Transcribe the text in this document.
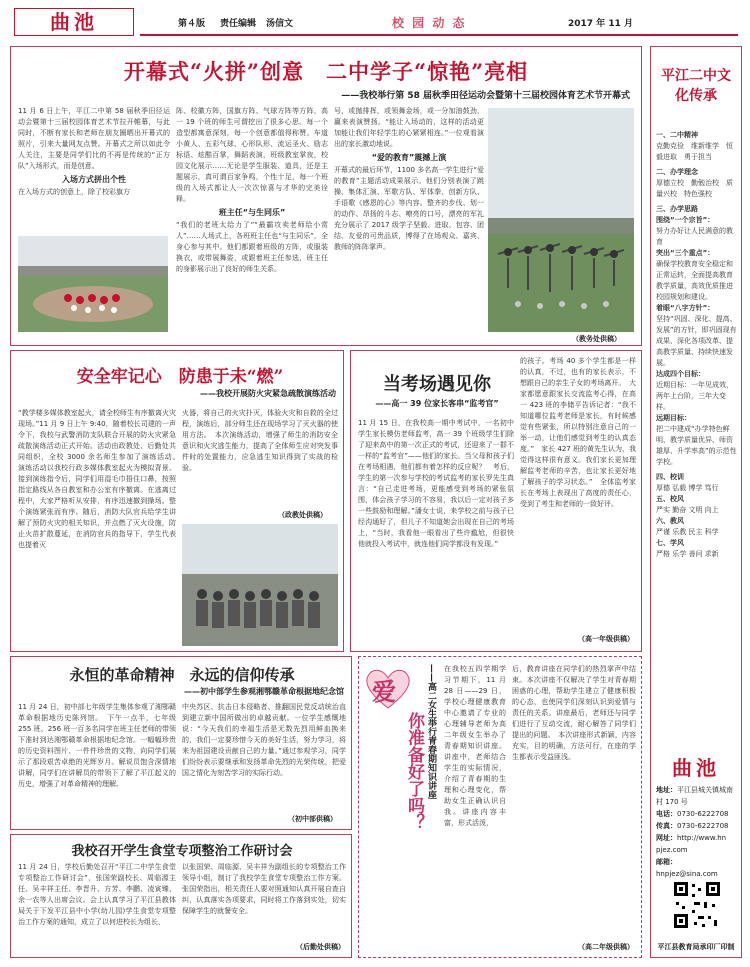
曲池	第４版 责任编辑 汤信文	校 园 动 态	2017 年 11 月
开幕式“火拼”创意　二中学子“惊艳”亮相
——我校举行第 58 届秋季田径运动会暨第十三届校园体育艺术节开幕式
11 月 6 日上午，平江二中第 58 届秋季田径运动会暨第十三届校园体育艺术节拉开帷幕，与此同时，不断有家长和老师在朋友圈晒出开幕式的照片，引来大量网友点赞。开幕式之所以如此令人关注，主要是同学们比的不再是传统的“正方队”入场形式，而是创意。
入场方式拼出个性
在入场方式的创意上，除了校彩旗方
阵、校徽方阵，国旗方阵、气球方阵等方阵，高一 19 个班的师生可谓挖出了很多心思。每一个造型都寓意深刻，每一个创意都值得称赞。车道小黄人、五彩气球、心形队形、流运圣火、励志标语、炫酷百掌，舞蹈表演，班级教室掌夜，校园文化展示……无论是学生服装、道具，还是主题展示，真可谓百家争鸣，个性十足，每一个班级的入场式都让人一次次惊喜与才华的完美诠释。
班主任“与生同乐”
“我们的老班太给力了”“最霸攻卖老师给小赏人”……人场式上，各班班主任也“与生同乐”，全身心参与其中。他们都跟着班级的方阵，或服装换衣，或带展舞姿，或跟着班主任参选，班主任的身影展示出了良好的师生关系。
号，或抛排挥，或领舞金场，或一分加油鼓劲，赢来表演赞扬。“能让入场动的，这样的活动更加能让我们年轻学生的心紧紧相连。”一位观看演出的家长激动地说。
“爱的教育”震撼上演
开幕式的最后环节，1100 多名高一学生进行“爱的教育”主题活动成果展示。他们分别表演了跳操、集体汇演、军歌方队、军体拳、创新方队、手语歌《感恩的心》等内容。整齐的步伐、划一的动作、昂扬的斗志、嘹亮的口号，漂亮的军礼充分展示了 2017 级学子坚毅、进取、包容、团结、友爱的可贵品质，博得了在场观众、嘉宾、教师的阵阵掌声。
（教务处供稿）
平江二中文化传承
一、二中精神
克勤克俭　维新维学　恒毅进取　勇于担当
二、办学理念
厚德立校　勤勉治校　质量兴校　特色强校
三、办学思路
围绕“一个宗旨”：
努力办好让人民满意的教育
突出“三个重点”：
确保学校教育安全稳定和正常运转，全面提高教育教学质量，高效优质推进校园规划和建设。
着眼“八字方针”：
坚持“巩固、深化、提高、发展”的方针，即巩固现有成果、深化各项改革、提高教学质量、持续快速发展。
达成四个目标：
近期目标：一年见成效，两年上台阶，三年大变样。
远期目标：
把二中建成“办学特色鲜明、教学质量优异、师资雄厚、升学率高”的示范性学校。
四、校训
厚德 弘毅 博学 笃行
五、校风
严实 勤奋 文明 向上
六、教风
严谨 乐教 民主 科学
七、学风
严格 乐学 善问 求新
曲池
地址：平江县城关镇城南村 170 号
电话：0730-6222708
传真：0730-6222708
网址：http://www.hn pjez.com
邮箱：hnpjez@sina.com
平江县教育局承印厂印制
安全牢记心　防患于未“燃”
——我校开展防火灾紧急疏散演练活动
“教学楼多媒体教室起火，请全校师生有序撤离火灾现场。”11 月 9 日上午 9:40，随着校长司建的一声令下，我校与武警消防支队联合开展的防火灾紧急疏散演练活动正式开始。活动由政教处、后勤处共同组织，全校 3000 余名师生参加了演练活动。　演练活动以我校行政多媒体教室起火为模拟背景。接到演练指令后，同学们用湿毛巾捂住口鼻，按照指定路线从各自教室和办公室有序撤离。在逃离过程中，大家严格听从安排，有序迅速撤到操场。整个演练紧张而有序。随后，消防大队官兵给学生讲解了预防火灾的相关知识，并点燃了灭火设施，防止火苗扩散蔓延，在消防官兵的指导下，学生代表也提着灭
火器，将自己的火灾扑灭，体验火灾和自救的全过程，演练后，部分师生还在现场学习了灭火器的使用方法。　本次演练活动，增强了师生的消防安全意识和火灾逃生能力，提高了全体师生应对突发事件时的处置能力，应急逃生知识得到了实战的检验。
（政教处供稿）
当考场遇见你
——高一 39 位家长客串“监考官”
11 月 15 日，在我校高一期中考试中，一名初中学生家长模仿老师监考，高一 39 个班级学生们除了迎来高中的第一次正式的考试，还迎来了一群不一样的“监考官”——他们的家长。当父母和孩子们在考场相遇，他们都有着怎样的反应呢？　考后，学生的第一次参与学校的考试监考的家长罗先生真言：“自己走进考场，更能感受到考场的紧张氛围，体会孩子学习的不容易，我以后一定对孩子多一些鼓励和理解。”潘女士说，来学校之前与孩子已经沟通好了，但儿子不知道她会出现在自己的考场上，“当时，我看他一眼看出了些许尴尬，但很快他就投入考试中，就连他们同学都没有发现。”
的孩子。考场 40 多个学生都是一样的认真，不过，也有的家长表示，不想跟自己的亲生子女的考场离开。　大家都愿意跟家长交流监考心得，在高一 423 班的李储平告诉记者：“我不知道哪位监考老师是家长，有时候感觉有些紧张，所以特别注意自己的一举一动，让他们感觉到考生的认真态度。”　家长 427 班的黄先生认为，我觉得这样很有意义。我们家长更加理解监考老师的辛苦，也让家长更好地了解孩子的学习状态。”　全体监考家长在考场上表现出了高度的责任心，受到了考生和老师的一致好评。
（高一年级供稿）
永恒的革命精神　永远的信仰传承
——初中部学生参观湘鄂赣革命根据地纪念馆
11 月 24 日，初中部七年级学生集体参观了湘鄂赣革命根据地历史陈列馆。　下午一点半，七年级 255 班、256 班一百多名同学在班主任老师的带领下准时到达湘鄂赣革命根据地纪念馆。一幅幅珍贵的历史资料图片、一件件珍贵的文物，向同学们展示了那段艰苦卓绝的光辉岁月。解说员饱含深情地讲解，同学们在讲解员的带领下了解了平江起义的历史，增强了对革命精神的理解。
中央苏区、抗击日本侵略者、推翻国民党反动统治直到建立新中国所做出的卓越贡献。一位学生感慨地说：“今天我们的幸福生活是无数先烈用鲜血换来的，我们一定要珍惜今天的美好生活，努力学习，将来为祖国建设贡献自己的力量。”通过参观学习，同学们纷纷表示要继承和发扬革命先烈的光荣传统，把爱国之情化为刻苦学习的实际行动。
（初中部供稿）
我校召开学生食堂专项整治工作研讨会
11 月 24 日，学校后勤处召开“平江二中学生食堂专项整治工作研讨会”，张国荣副校长、周临源主任、吴丰祥主任、李晋升、方芳、李鹏、凌寅臻、余一农等人出席会议。会上认真学习了平江县教体局关于下发平江县中小学(幼儿园)学生食堂专项整治工作方案的通知，成立了以何进校长为组长，
以张国荣、周临源、吴丰祥为副组长的专项整治工作领导小组，制订了我校学生食堂专项整治工作方案。张国荣指出，相关责任人要对照通知认真开展自查自纠，认真落实各项要求，同时将工作落到实处，切实保障学生的就餐安全。
（后勤处供稿）
爱
你准备好了吗？ ——高二女生举行青春期知识讲座 在我校五四学期学习节期下，11 月 28 日——29 日，学校心理健康教育中心邀请了专业的心理辅导老师为高二年级女生举办了青春期知识讲座。讲座中，老师结合学生的实际情况，介绍了青春期的生理和心理变化，帮助女生正确认识自我。讲座内容丰富，形式活泼，
后，教育讲座在同学们的热烈掌声中结束。本次讲座不仅解决了学生对青春期困惑的心理，帮助学生建立了健康积极的心态，也使同学们深刻认识到爱情与责任的关系。讲座最后，老师还与同学们进行了互动交流，耐心解答了同学们提出的问题。　本次讲座形式新颖，内容充实，目的明确，方法可行，在座的学生都表示受益匪浅。
（高二年级供稿）
